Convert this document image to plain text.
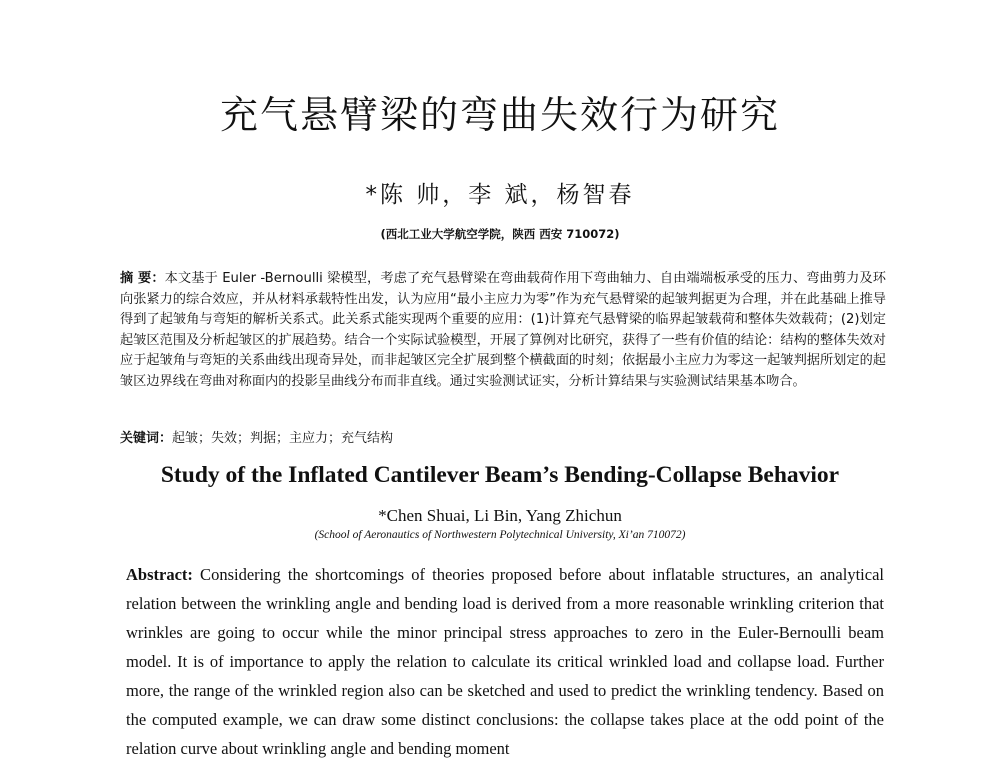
充气悬臂梁的弯曲失效行为研究
*陈 帅，李 斌，杨智春
(西北工业大学航空学院，陕西 西安 710072)

摘 要：本文基于 Euler -Bernoulli 梁模型，考虑了充气悬臂梁在弯曲载荷作用下弯曲轴力、自由端端板承受的压力、弯曲剪力及环向张紧力的综合效应，并从材料承载特性出发，认为应用“最小主应力为零”作为充气悬臂梁的起皱判据更为合理，并在此基础上推导得到了起皱角与弯矩的解析关系式。此关系式能实现两个重要的应用：(1)计算充气悬臂梁的临界起皱载荷和整体失效载荷；(2)划定起皱区范围及分析起皱区的扩展趋势。结合一个实际试验模型，开展了算例对比研究，获得了一些有价值的结论：结构的整体失效对应于起皱角与弯矩的关系曲线出现奇异处，而非起皱区完全扩展到整个横截面的时刻；依据最小主应力为零这一起皱判据所划定的起皱区边界线在弯曲对称面内的投影呈曲线分布而非直线。通过实验测试证实，分析计算结果与实验测试结果基本吻合。

关键词：起皱；失效；判据；主应力；充气结构

Study of the Inflated Cantilever Beam’s Bending-Collapse Behavior
*Chen Shuai, Li Bin, Yang Zhichun
(School of Aeronautics of Northwestern Polytechnical University, Xi’an 710072)

Abstract: Considering the shortcomings of theories proposed before about inflatable structures, an analytical relation between the wrinkling angle and bending load is derived from a more reasonable wrinkling criterion that wrinkles are going to occur while the minor principal stress approaches to zero in the Euler-Bernoulli beam model. It is of importance to apply the relation to calculate its critical wrinkled load and collapse load. Further more, the range of the wrinkled region also can be sketched and used to predict the wrinkling tendency. Based on the computed example, we can draw some distinct conclusions: the collapse takes place at the odd point of the relation curve about wrinkling angle and bending moment
